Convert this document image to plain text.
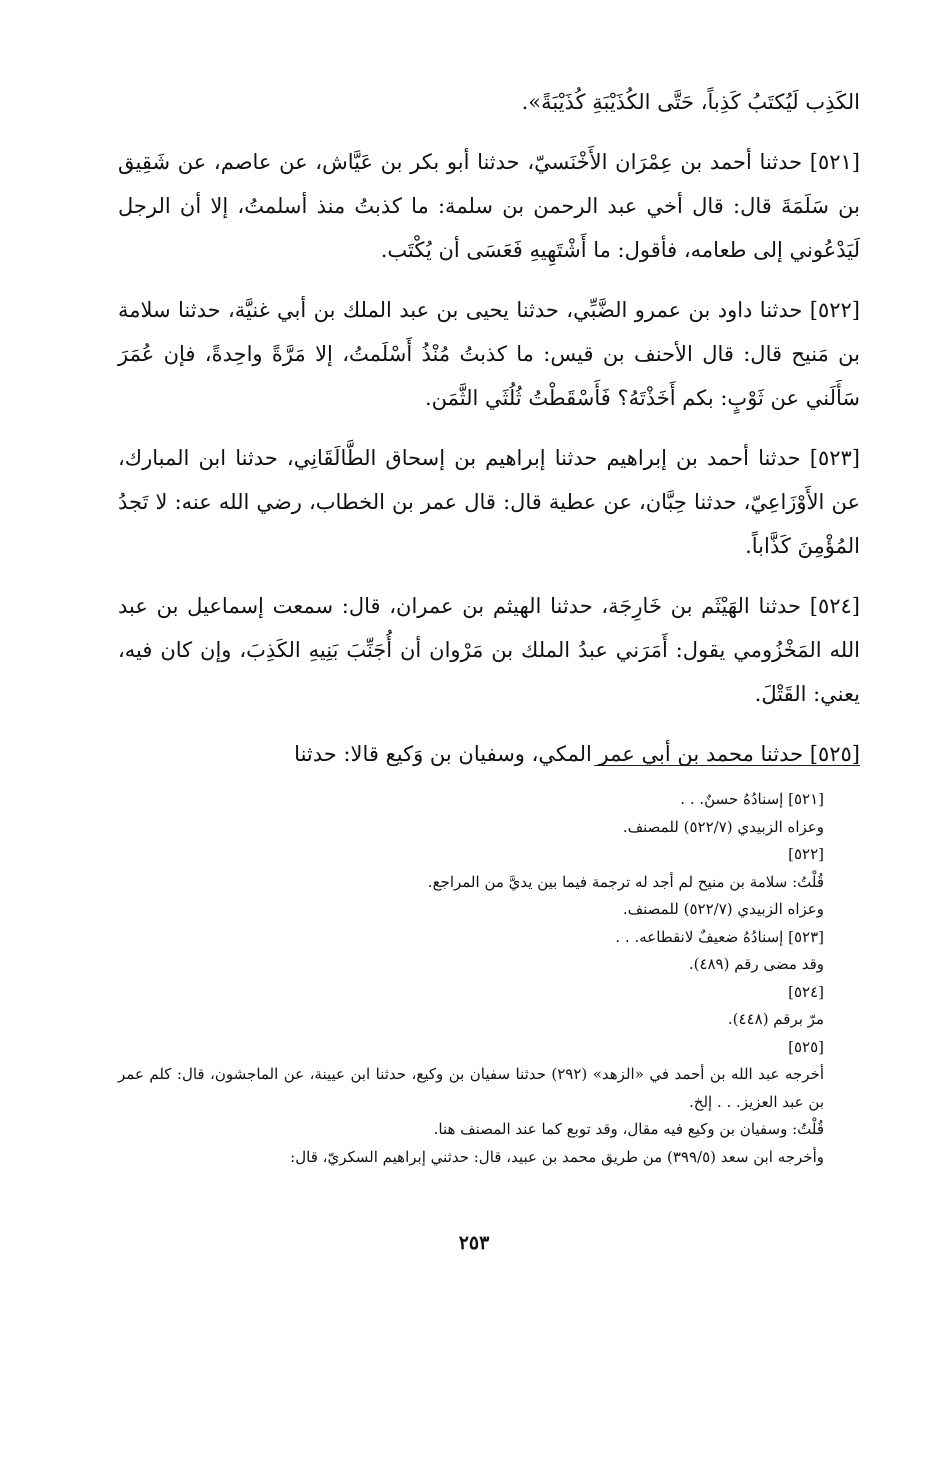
الكَذِب لَيُكتَبُ كَذِباً، حَتَّى الكُذَيْبَةِ كُذَيْبَةً».

[٥٢١] حدثنا أحمد بن عِمْرَان الأَخْنَسيّ، حدثنا أبو بكر بن عَيَّاش، عن عاصم، عن شَقِيق بن سَلَمَةَ قال: قال أخي عبد الرحمن بن سلمة: ما كذبتُ منذ أسلمتُ، إلا أن الرجل لَيَدْعُوني إلى طعامه، فأقول: ما أَشْتَهِيهِ فَعَسَى أن يُكْتَب.

[٥٢٢] حدثنا داود بن عمرو الضَّبِّي، حدثنا يحيى بن عبد الملك بن أبي غنيَّة، حدثنا سلامة بن مَنيح قال: قال الأحنف بن قيس: ما كذبتُ مُنْذُ أَسْلَمتُ، إلا مَرَّةً واحِدةً، فإن عُمَرَ سَأَلَني عن ثَوْبٍ: بكم أَخَذْتَهُ؟ فَأَسْقَطْتُ ثُلُثَي الثَّمَن.

[٥٢٣] حدثنا أحمد بن إبراهيم حدثنا إبراهيم بن إسحاق الطَّالَقَانِي، حدثنا ابن المبارك، عن الأَوْزَاعِيّ، حدثنا حِبَّان، عن عطية قال: قال عمر بن الخطاب، رضي الله عنه: لا تَجدُ المُؤْمِنَ كَذَّاباً.

[٥٢٤] حدثنا الهَيْثَم بن خَارِجَة، حدثنا الهيثم بن عمران، قال: سمعت إسماعيل بن عبد الله المَخْزُومي يقول: أَمَرَني عبدُ الملك بن مَرْوان أن أُجَنِّبَ بَنِيهِ الكَذِبَ، وإن كان فيه، يعني: القَتْلَ.

[٥٢٥] حدثنا محمد بن أبي عمر المكي، وسفيان بن وَكيع قالا: حدثنا

[٥٢١] إسنادُهُ حسنٌ. . .

وعزاه الزبيدي (٥٢٢/٧) للمصنف.

[٥٢٢]

قُلْتُ: سلامة بن منيح لم أجد له ترجمة فيما بين يديَّ من المراجع.

وعزاه الزبيدي (٥٢٢/٧) للمصنف.

[٥٢٣] إسنادُهُ ضعيفٌ لانقطاعه. . .

وقد مضى رقم (٤٨٩).

[٥٢٤]

مرّ برقم (٤٤٨).

[٥٢٥]

أخرجه عبد الله بن أحمد في «الزهد» (٢٩٢) حدثنا سفيان بن وكيع، حدثنا ابن عيينة، عن الماجشون، قال: كلم عمر بن عبد العزيز. . . إلخ.

قُلْتُ: وسفيان بن وكيع فيه مقال، وقد توبع كما عند المصنف هنا.

وأخرجه ابن سعد (٣٩٩/٥) من طريق محمد بن عبيد، قال: حدثني إبراهيم السكريّ، قال:

٢٥٣
